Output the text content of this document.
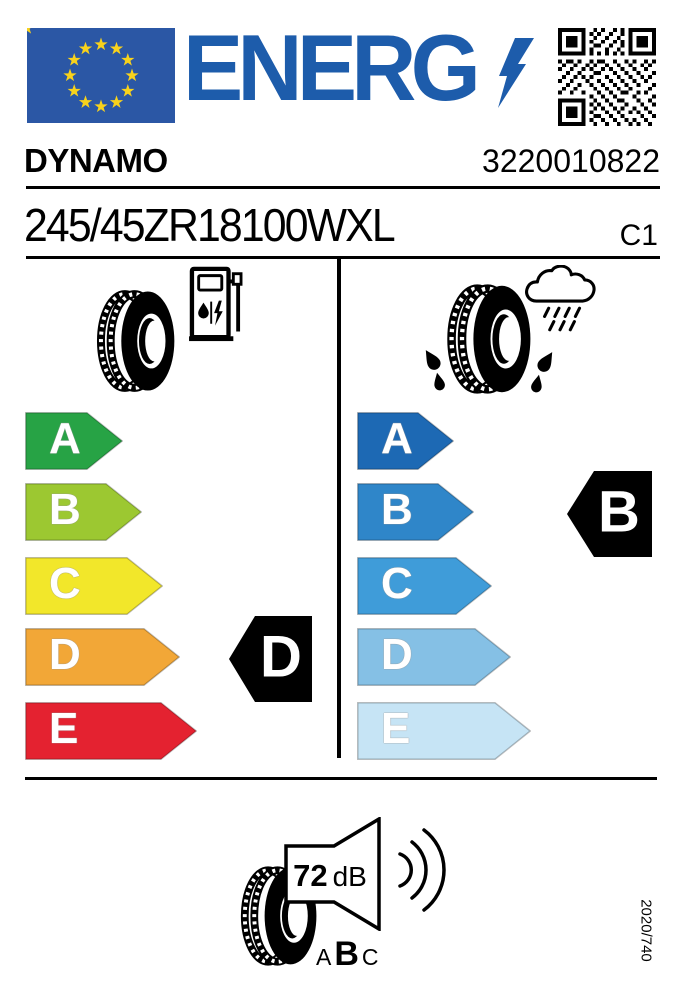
ENERG
DYNAMO	3220010822
245/45ZR18100WXL	C1
A
B
C
D
E
D
A
B
C
D
E
B
72 dB
A B C	2020/740
